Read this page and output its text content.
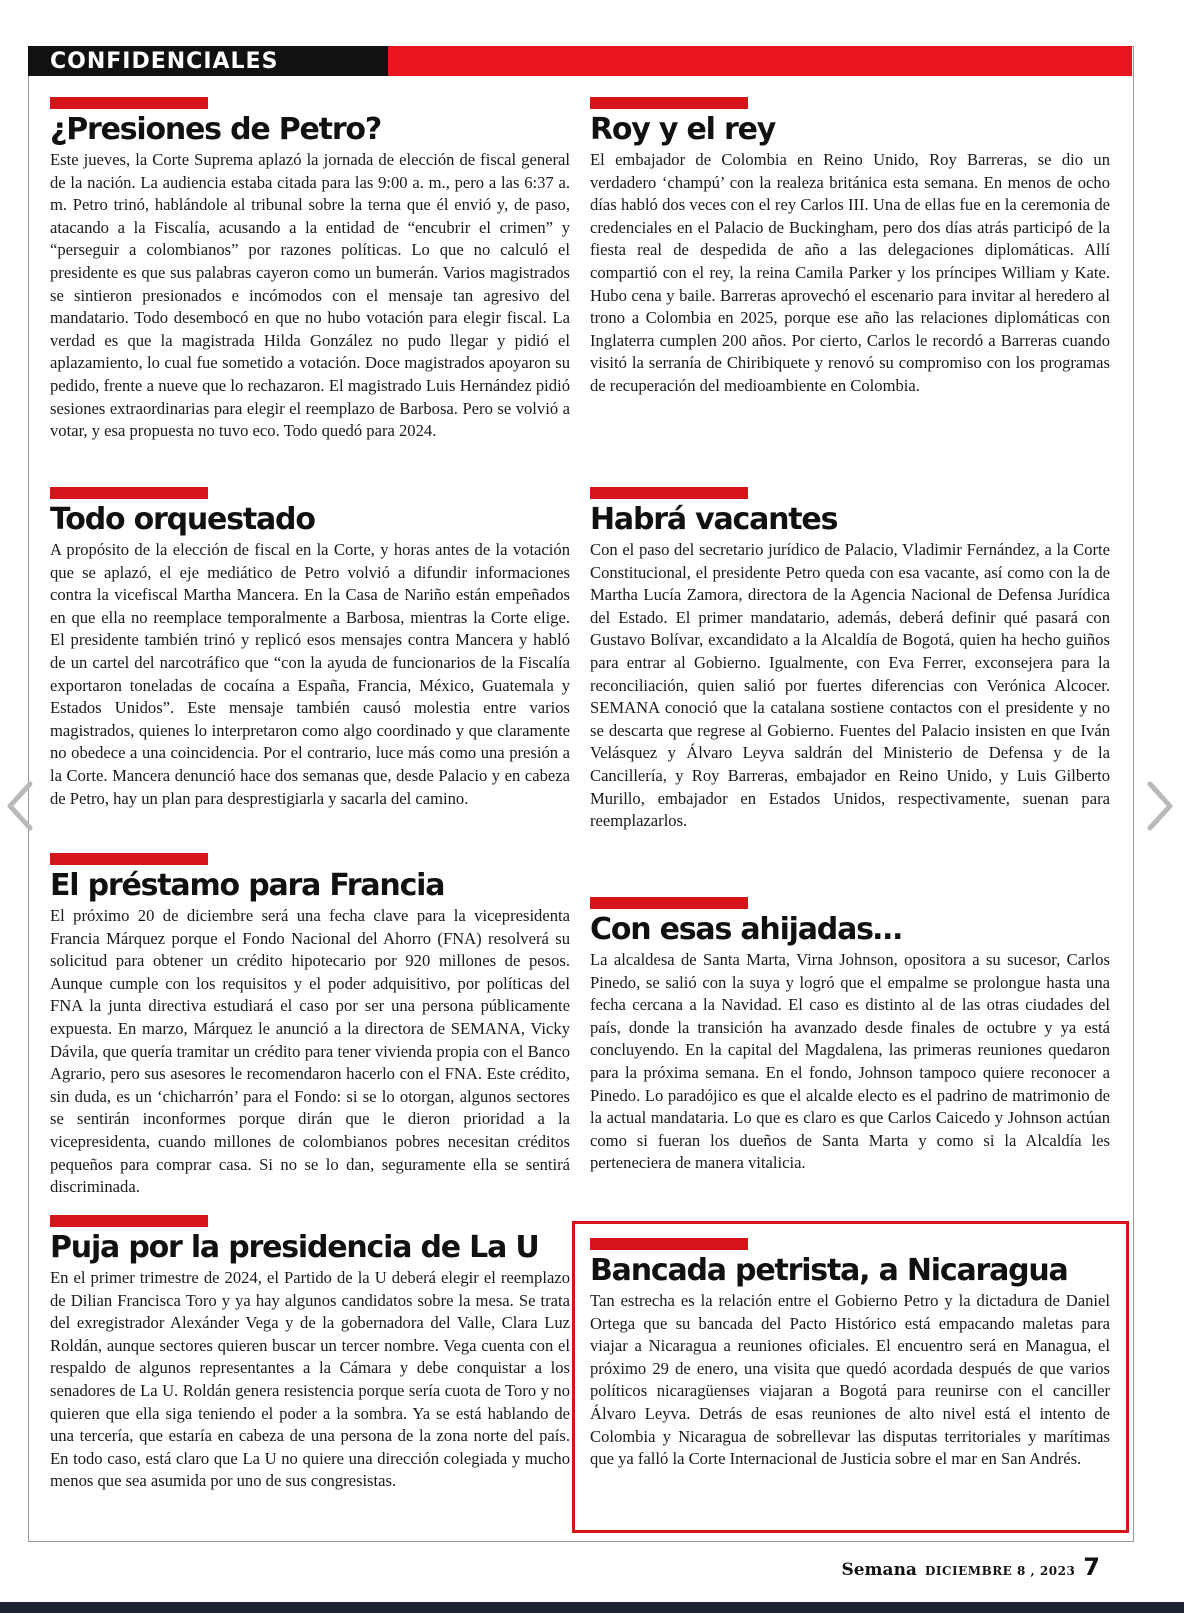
CONFIDENCIALES
¿Presiones de Petro?

Este jueves, la Corte Suprema aplazó la jornada de elección de fiscal general de la nación. La audiencia estaba citada para las 9:00 a. m., pero a las 6:37 a. m. Petro trinó, hablándole al tribunal sobre la terna que él envió y, de paso, atacando a la Fiscalía, acusando a la entidad de “encubrir el crimen” y “perseguir a colombianos” por razones políticas. Lo que no calculó el presidente es que sus palabras cayeron como un bumerán. Varios magistrados se sintieron presionados e incómodos con el mensaje tan agresivo del mandatario. Todo desembocó en que no hubo votación para elegir fiscal. La verdad es que la magistrada Hilda González no pudo llegar y pidió el aplazamiento, lo cual fue sometido a votación. Doce magistrados apoyaron su pedido, frente a nueve que lo rechazaron. El magistrado Luis Hernández pidió sesiones extraordinarias para elegir el reemplazo de Barbosa. Pero se volvió a votar, y esa propuesta no tuvo eco. Todo quedó para 2024.

Todo orquestado

A propósito de la elección de fiscal en la Corte, y horas antes de la votación que se aplazó, el eje mediático de Petro volvió a difundir informaciones contra la vicefiscal Martha Mancera. En la Casa de Nariño están empeñados en que ella no reemplace temporalmente a Barbosa, mientras la Corte elige. El presidente también trinó y replicó esos mensajes contra Mancera y habló de un cartel del narcotráfico que “con la ayuda de funcionarios de la Fiscalía exportaron toneladas de cocaína a España, Francia, México, Guatemala y Estados Unidos”. Este mensaje también causó molestia entre varios magistrados, quienes lo interpretaron como algo coordinado y que claramente no obedece a una coincidencia. Por el contrario, luce más como una presión a la Corte. Mancera denunció hace dos semanas que, desde Palacio y en cabeza de Petro, hay un plan para desprestigiarla y sacarla del camino.

El préstamo para Francia

El próximo 20 de diciembre será una fecha clave para la vicepresidenta Francia Márquez porque el Fondo Nacional del Ahorro (FNA) resolverá su solicitud para obtener un crédito hipotecario por 920 millones de pesos. Aunque cumple con los requisitos y el poder adquisitivo, por políticas del FNA la junta directiva estudiará el caso por ser una persona públicamente expuesta. En marzo, Márquez le anunció a la directora de SEMANA, Vicky Dávila, que quería tramitar un crédito para tener vivienda propia con el Banco Agrario, pero sus asesores le recomendaron hacerlo con el FNA. Este crédito, sin duda, es un ‘chicharrón’ para el Fondo: si se lo otorgan, algunos sectores se sentirán inconformes porque dirán que le dieron prioridad a la vicepresidenta, cuando millones de colombianos pobres necesitan créditos pequeños para comprar casa. Si no se lo dan, seguramente ella se sentirá discriminada.

Puja por la presidencia de La U

En el primer trimestre de 2024, el Partido de la U deberá elegir el reemplazo de Dilian Francisca Toro y ya hay algunos candidatos sobre la mesa. Se trata del exregistrador Alexánder Vega y de la gobernadora del Valle, Clara Luz Roldán, aunque sectores quieren buscar un tercer nombre. Vega cuenta con el respaldo de algunos representantes a la Cámara y debe conquistar a los senadores de La U. Roldán genera resistencia porque sería cuota de Toro y no quieren que ella siga teniendo el poder a la sombra. Ya se está hablando de una tercería, que estaría en cabeza de una persona de la zona norte del país. En todo caso, está claro que La U no quiere una dirección colegiada y mucho menos que sea asumida por uno de sus congresistas.

Roy y el rey

El embajador de Colombia en Reino Unido, Roy Barreras, se dio un verdadero ‘champú’ con la realeza británica esta semana. En menos de ocho días habló dos veces con el rey Carlos III. Una de ellas fue en la ceremonia de credenciales en el Palacio de Buckingham, pero dos días atrás participó de la fiesta real de despedida de año a las delegaciones diplomáticas. Allí compartió con el rey, la reina Camila Parker y los príncipes William y Kate. Hubo cena y baile. Barreras aprovechó el escenario para invitar al heredero al trono a Colombia en 2025, porque ese año las relaciones diplomáticas con Inglaterra cumplen 200 años. Por cierto, Carlos le recordó a Barreras cuando visitó la serranía de Chiribiquete y renovó su compromiso con los programas de recuperación del medioambiente en Colombia.

Habrá vacantes

Con el paso del secretario jurídico de Palacio, Vladimir Fernández, a la Corte Constitucional, el presidente Petro queda con esa vacante, así como con la de Martha Lucía Zamora, directora de la Agencia Nacional de Defensa Jurídica del Estado. El primer mandatario, además, deberá definir qué pasará con Gustavo Bolívar, excandidato a la Alcaldía de Bogotá, quien ha hecho guiños para entrar al Gobierno. Igualmente, con Eva Ferrer, exconsejera para la reconciliación, quien salió por fuertes diferencias con Verónica Alcocer. SEMANA conoció que la catalana sostiene contactos con el presidente y no se descarta que regrese al Gobierno. Fuentes del Palacio insisten en que Iván Velásquez y Álvaro Leyva saldrán del Ministerio de Defensa y de la Cancillería, y Roy Barreras, embajador en Reino Unido, y Luis Gilberto Murillo, embajador en Estados Unidos, respectivamente, suenan para reemplazarlos.

Con esas ahijadas…

La alcaldesa de Santa Marta, Virna Johnson, opositora a su sucesor, Carlos Pinedo, se salió con la suya y logró que el empalme se prolongue hasta una fecha cercana a la Navidad. El caso es distinto al de las otras ciudades del país, donde la transición ha avanzado desde finales de octubre y ya está concluyendo. En la capital del Magdalena, las primeras reuniones quedaron para la próxima semana. En el fondo, Johnson tampoco quiere reconocer a Pinedo. Lo paradójico es que el alcalde electo es el padrino de matrimonio de la actual mandataria. Lo que es claro es que Carlos Caicedo y Johnson actúan como si fueran los dueños de Santa Marta y como si la Alcaldía les perteneciera de manera vitalicia.

Bancada petrista, a Nicaragua

Tan estrecha es la relación entre el Gobierno Petro y la dictadura de Daniel Ortega que su bancada del Pacto Histórico está empacando maletas para viajar a Nicaragua a reuniones oficiales. El encuentro será en Managua, el próximo 29 de enero, una visita que quedó acordada después de que varios políticos nicaragüenses viajaran a Bogotá para reunirse con el canciller Álvaro Leyva. Detrás de esas reuniones de alto nivel está el intento de Colombia y Nicaragua de sobrellevar las disputas territoriales y marítimas que ya falló la Corte Internacional de Justicia sobre el mar en San Andrés.

Semana DICIEMBRE 8 , 2023 7
